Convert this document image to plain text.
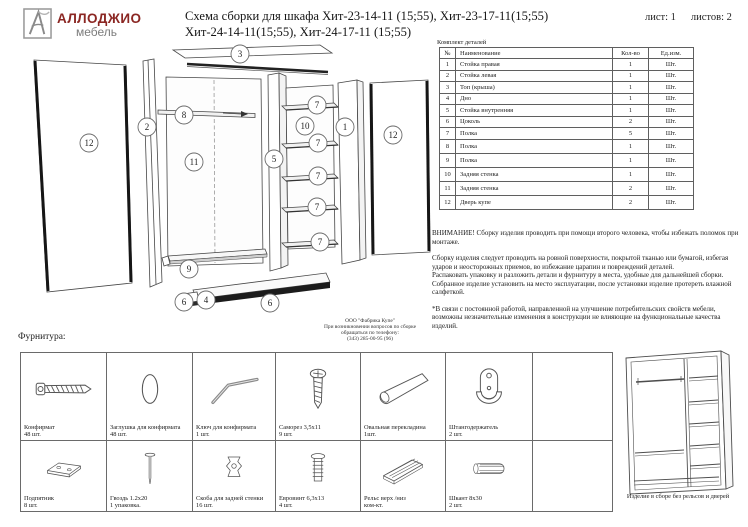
АЛЛОДЖИО
мебель
Схема сборки для шкафа Хит-23-14-11 (15;55), Хит-23-17-11(15;55)
Хит-24-14-11(15;55), Хит-24-17-11 (15;55)
лист: 1 листов: 2
12
2
8
3
11	5
10
7
7
7
7
7
1
12
9
6 4	6
ООО "Фабрика Купе"
При возникновении вопросов по сборке
обращаться по телефону:
(343) 285-00-95 (96)
Комплект деталей
№	Наименование	Кол-во	Ед.изм.
1	Стойка правая	1	Шт.
2	Стойка левая	1	Шт.
3	Топ (крыша)	1	Шт.
4	Дно	1	Шт.
5	Стойка внутренняя	1	Шт.
6	Цоколь	2	Шт.
7	Полка	5	Шт.
8	Полка	1	Шт.
9	Полка	1	Шт.
10	Задняя стенка	1	Шт.
11	Задняя стенка	2	Шт.
12	Дверь купе	2	Шт.
ВНИМАНИЕ! Сборку изделия проводить при помощи второго человека, чтобы избежать поломок при монтаже.
Сборку изделия следует проводить на ровной поверхности, покрытой тканью или бумагой, избегая ударов и неосторожных приемов, во избежание царапин и повреждений деталей.
Распаковать упаковку и разложить детали и фурнитуру в места, удобные для дальнейшей сборки.
Собранное изделие установить на место эксплуатации, после установки изделие протереть влажной салфеткой.
*В связи с постоянной работой, направленной на улучшение потребительских свойств мебели, возможны незначительные изменения в конструкции не влияющие на функциональные качества изделий.
Фурнитура:
Конфирмат
48 шт.
Заглушка для конфирмата
48 шт.
Ключ для конфирмата
1 шт.
Саморез 3,5x11
9 шт.
Овальная перекладина
1шт.
Штангодержатель
2 шт.
Подпятник
8 шт.
Гвоздь 1.2x20
1 упаковка.
Скоба для задней стенки
16 шт.
Евровинт 6,3x13
4 шт.
Рельс верх /низ
ком-кт.
Шкант 8x30
2 шт.
Изделие в сборе без рельсов и дверей
